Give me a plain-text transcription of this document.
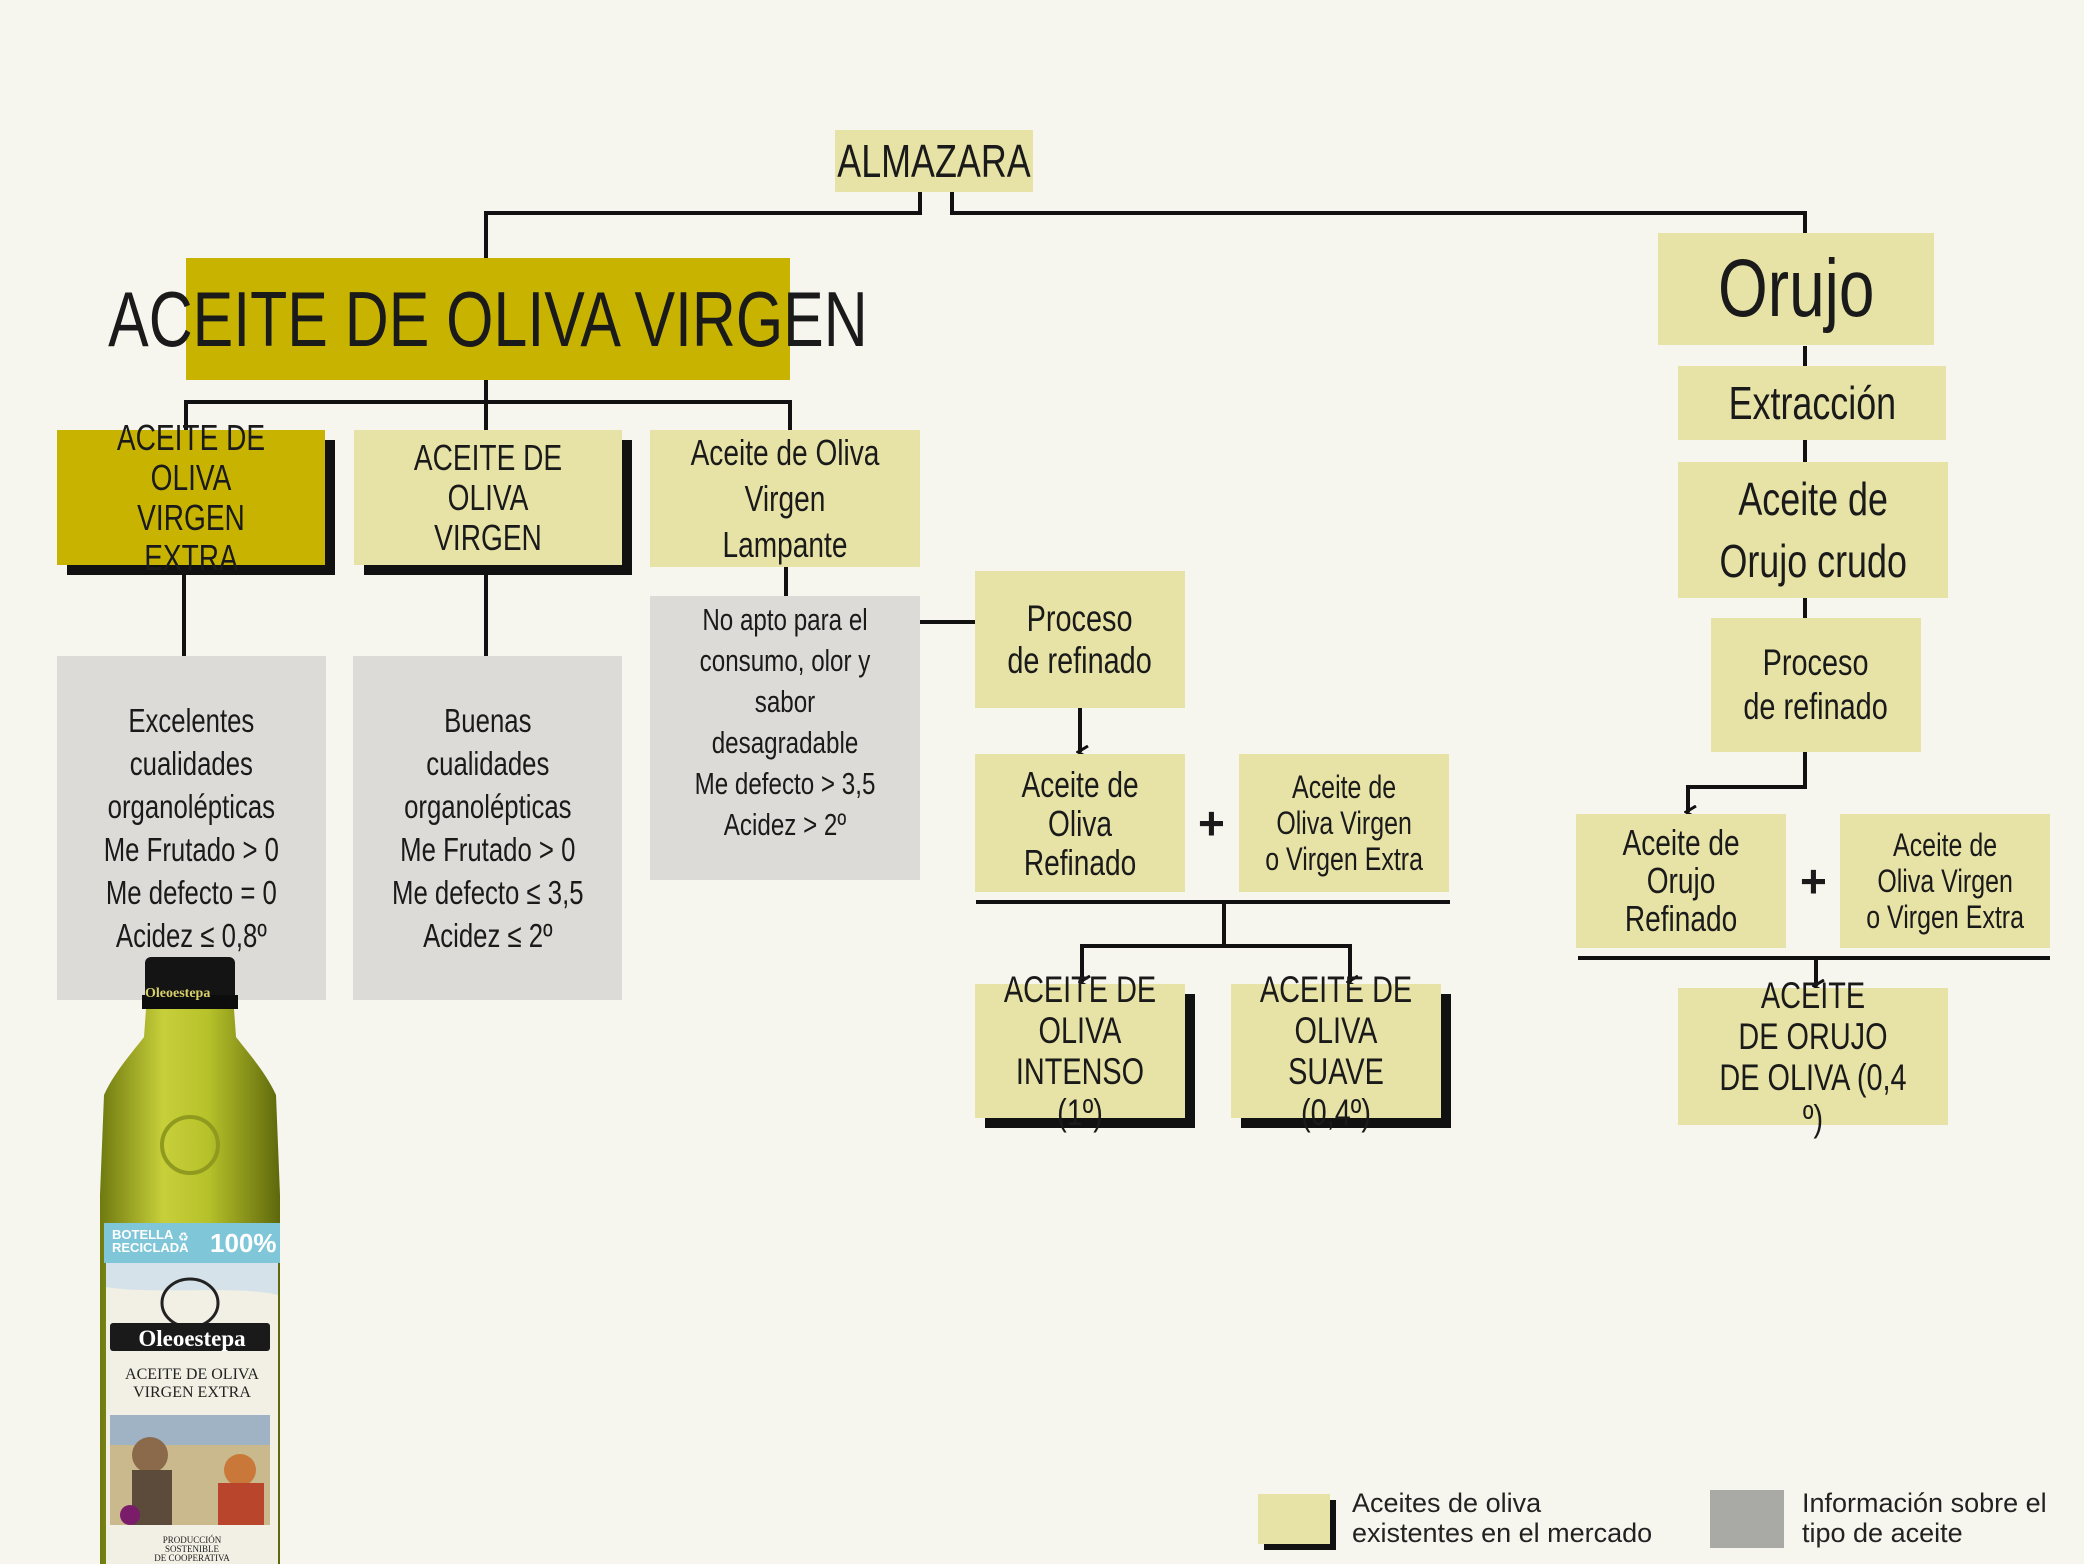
ALMAZARA
ACEITE DE OLIVA VIRGEN
ACEITE DE OLIVA
VIRGEN EXTRA
ACEITE DE OLIVA
VIRGEN
Aceite de Oliva
Virgen Lampante
Excelentes
cualidades
organolépticas
Me Frutado > 0
Me defecto = 0
Acidez ≤ 0,8º
Buenas
cualidades
organolépticas
Me Frutado > 0
Me defecto ≤ 3,5
Acidez ≤ 2º
No apto para el
consumo, olor y sabor
desagradable
Me defecto > 3,5
Acidez > 2º
Proceso
de refinado
Aceite de
Oliva
Refinado
+
Aceite de
Oliva Virgen
o Virgen Extra
ACEITE DE
OLIVA
INTENSO (1º)
ACEITE DE
OLIVA
SUAVE (0,4º)
Orujo
Extracción
Aceite de
Orujo crudo
Proceso
de refinado
Aceite de
Orujo
Refinado
+
Aceite de
Oliva Virgen
o Virgen Extra
ACEITE
DE ORUJO
DE OLIVA (0,4 º)
Oleoestepa
BOTELLA
RECICLADA
♻ 100%
Oleoestepa
ACEITE DE OLIVA
VIRGEN EXTRA
PRODUCCIÓN
SOSTENIBLE
DE COOPERATIVA
Aceites de oliva
existentes en el mercado
Información sobre el
tipo de aceite
